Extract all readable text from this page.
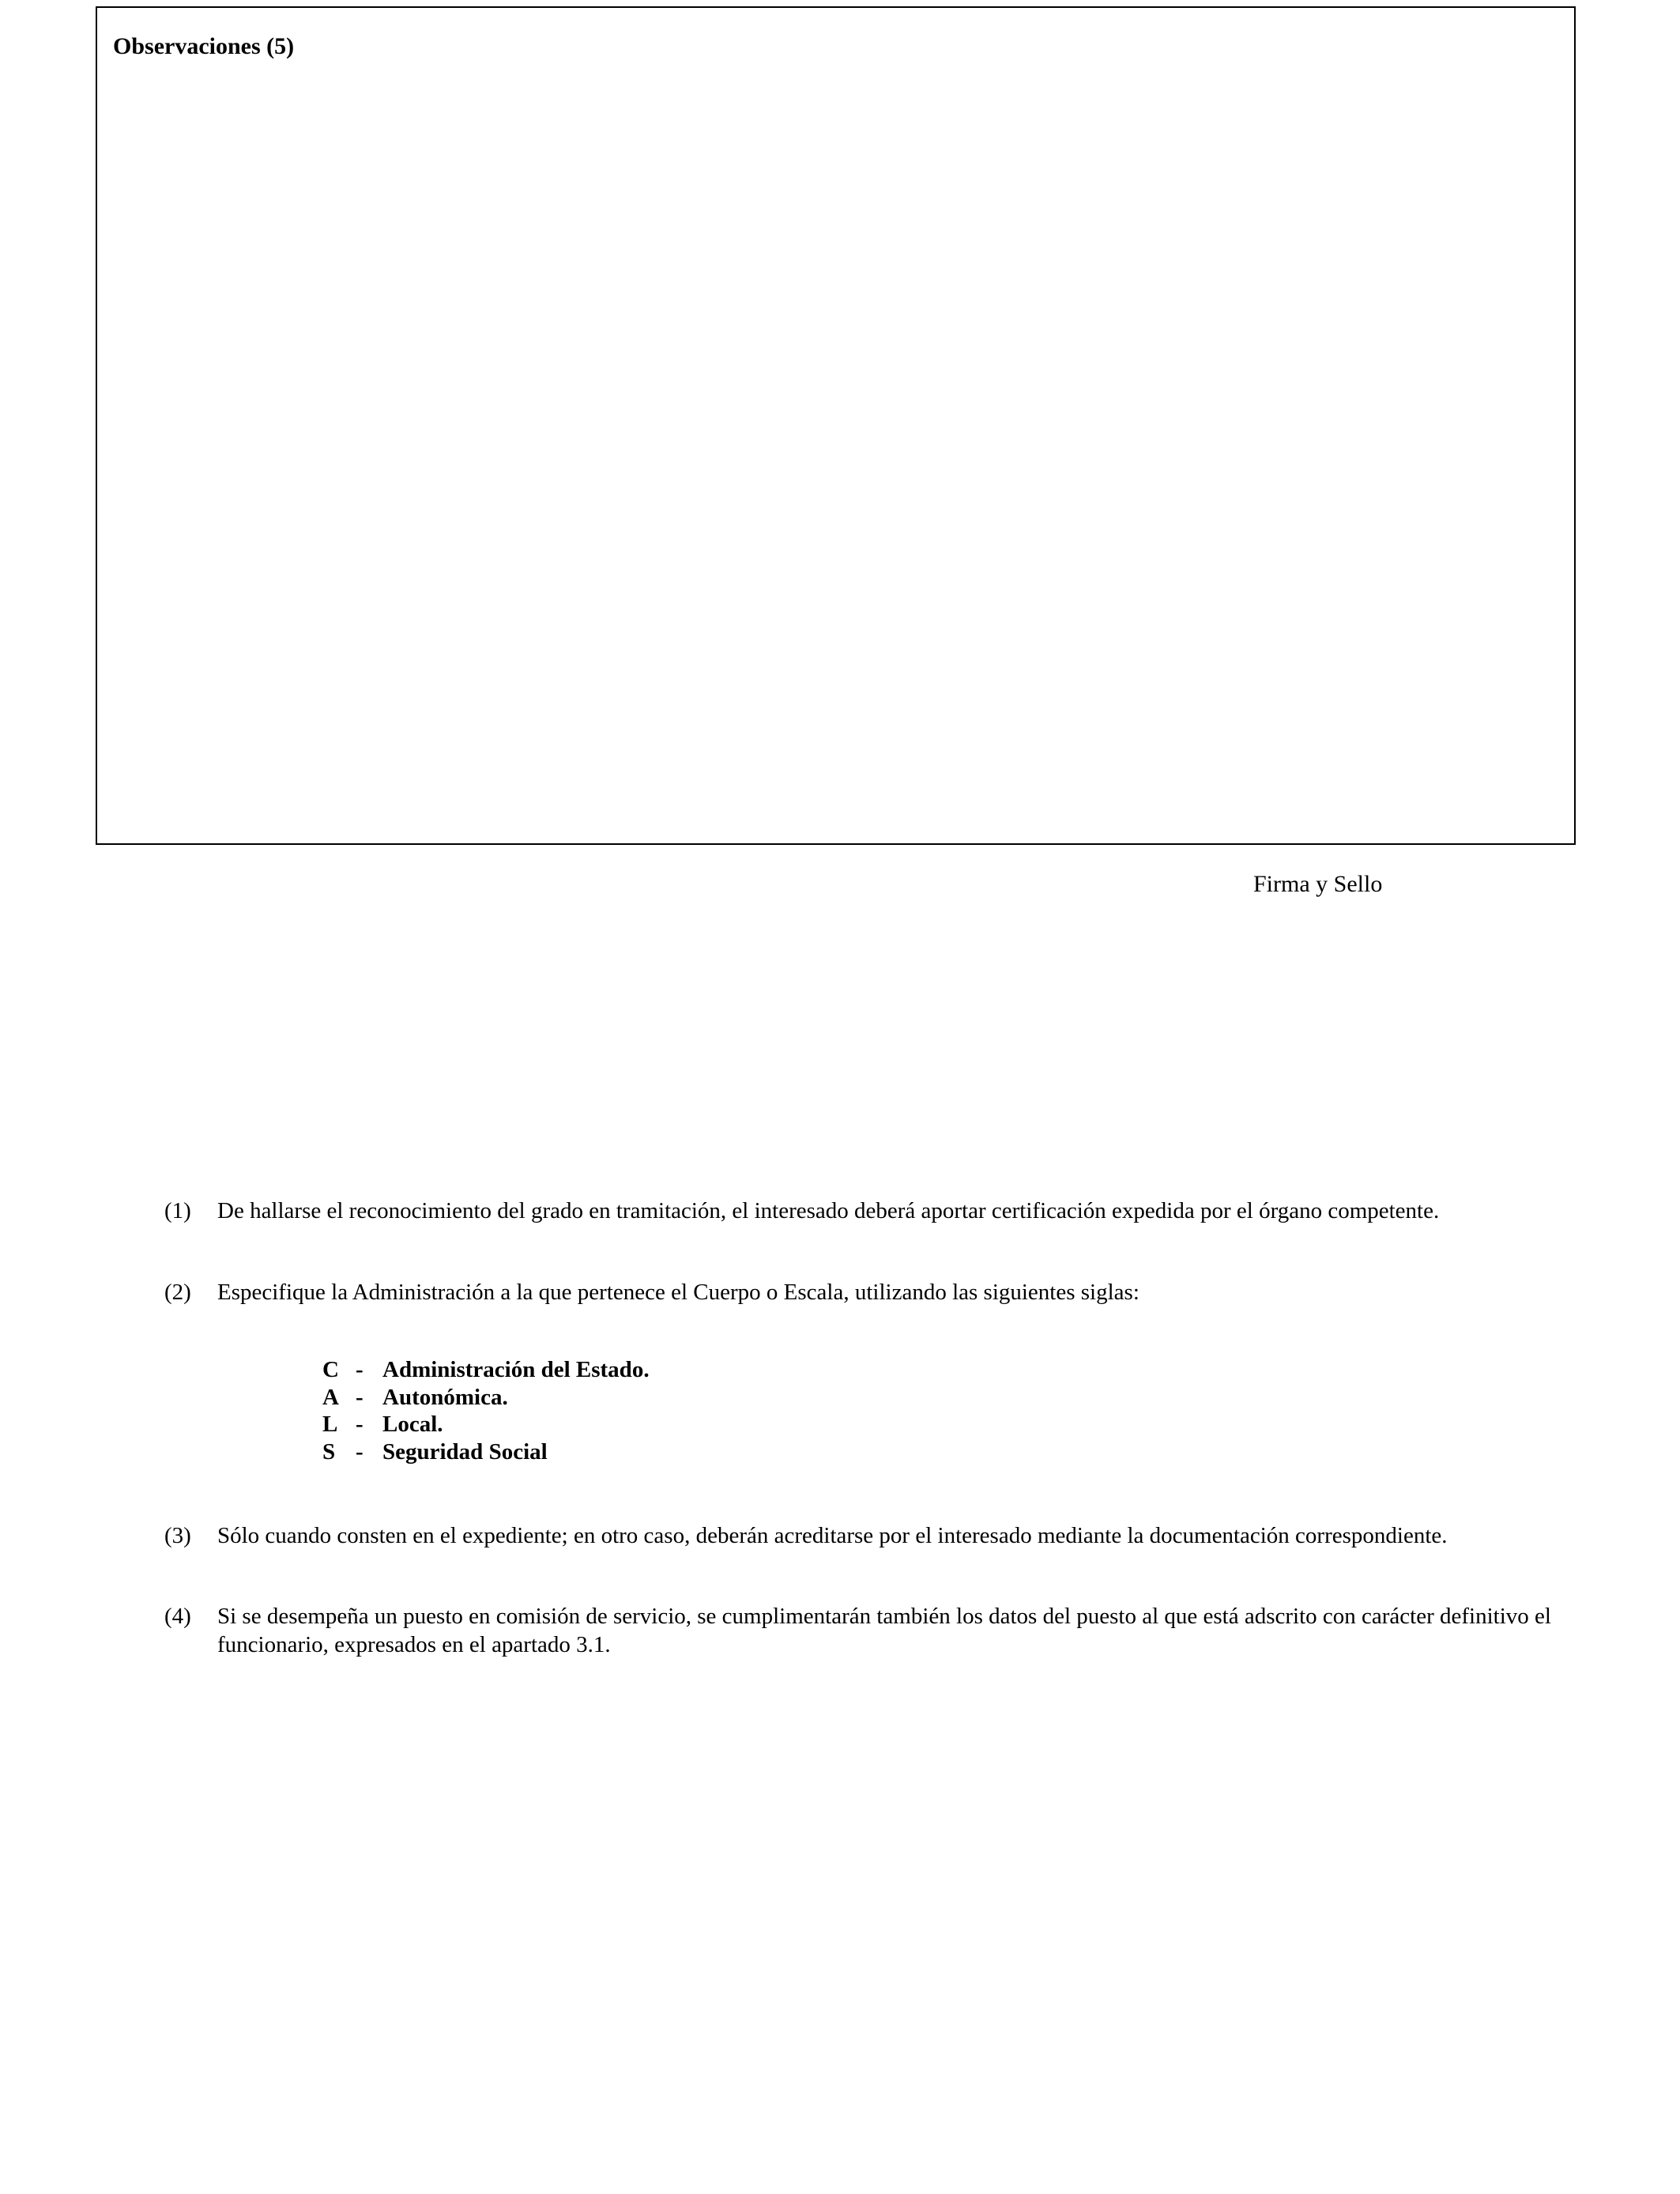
Observaciones (5)
Firma y Sello
(1)	De hallarse el reconocimiento del grado en tramitación, el interesado deberá aportar certificación expedida por el órgano competente.
(2)	Especifique la Administración a la que pertenece el Cuerpo o Escala, utilizando las siguientes siglas:
C - Administración del Estado.
A - Autonómica.
L - Local.
S - Seguridad Social
(3)	Sólo cuando consten en el expediente; en otro caso, deberán acreditarse por el interesado mediante la documentación correspondiente.
(4)	Si se desempeña un puesto en comisión de servicio, se cumplimentarán también los datos del puesto al que está adscrito con carácter definitivo el funcionario, expresados en el apartado 3.1.
